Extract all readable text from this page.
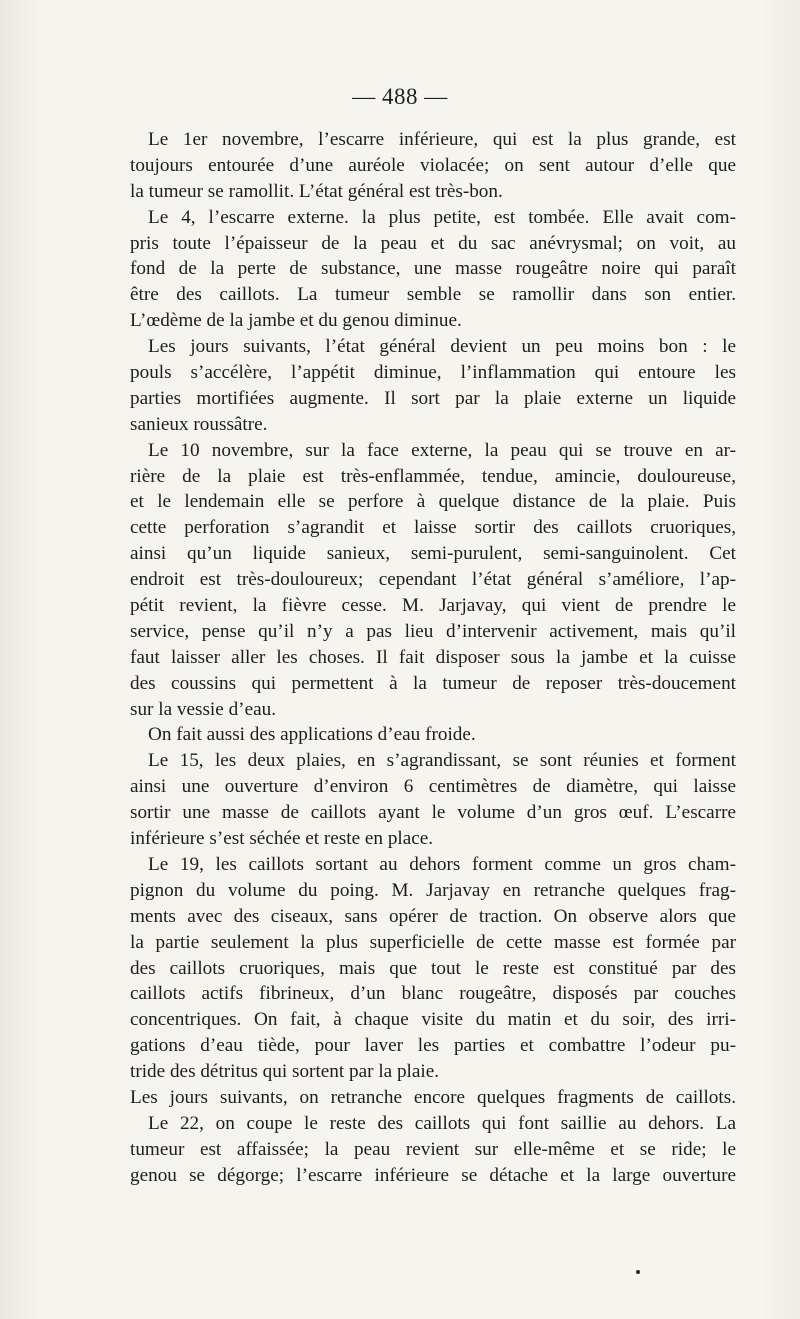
— 488 —
Le 1er novembre, l’escarre inférieure, qui est la plus grande, est
toujours entourée d’une auréole violacée; on sent autour d’elle que
la tumeur se ramollit. L’état général est très-bon.
Le 4, l’escarre externe. la plus petite, est tombée. Elle avait com-
pris toute l’épaisseur de la peau et du sac anévrysmal; on voit, au
fond de la perte de substance, une masse rougeâtre noire qui paraît
être des caillots. La tumeur semble se ramollir dans son entier.
L’œdème de la jambe et du genou diminue.
Les jours suivants, l’état général devient un peu moins bon : le
pouls s’accélère, l’appétit diminue, l’inflammation qui entoure les
parties mortifiées augmente. Il sort par la plaie externe un liquide
sanieux roussâtre.
Le 10 novembre, sur la face externe, la peau qui se trouve en ar-
rière de la plaie est très-enflammée, tendue, amincie, douloureuse,
et le lendemain elle se perfore à quelque distance de la plaie. Puis
cette perforation s’agrandit et laisse sortir des caillots cruoriques,
ainsi qu’un liquide sanieux, semi-purulent, semi-sanguinolent. Cet
endroit est très-douloureux; cependant l’état général s’améliore, l’ap-
pétit revient, la fièvre cesse. M. Jarjavay, qui vient de prendre le
service, pense qu’il n’y a pas lieu d’intervenir activement, mais qu’il
faut laisser aller les choses. Il fait disposer sous la jambe et la cuisse
des coussins qui permettent à la tumeur de reposer très-doucement
sur la vessie d’eau.
On fait aussi des applications d’eau froide.
Le 15, les deux plaies, en s’agrandissant, se sont réunies et forment
ainsi une ouverture d’environ 6 centimètres de diamètre, qui laisse
sortir une masse de caillots ayant le volume d’un gros œuf. L’escarre
inférieure s’est séchée et reste en place.
Le 19, les caillots sortant au dehors forment comme un gros cham-
pignon du volume du poing. M. Jarjavay en retranche quelques frag-
ments avec des ciseaux, sans opérer de traction. On observe alors que
la partie seulement la plus superficielle de cette masse est formée par
des caillots cruoriques, mais que tout le reste est constitué par des
caillots actifs fibrineux, d’un blanc rougeâtre, disposés par couches
concentriques. On fait, à chaque visite du matin et du soir, des irri-
gations d’eau tiède, pour laver les parties et combattre l’odeur pu-
tride des détritus qui sortent par la plaie.
Les jours suivants, on retranche encore quelques fragments de caillots.
Le 22, on coupe le reste des caillots qui font saillie au dehors. La
tumeur est affaissée; la peau revient sur elle-même et se ride; le
genou se dégorge; l’escarre inférieure se détache et la large ouverture
